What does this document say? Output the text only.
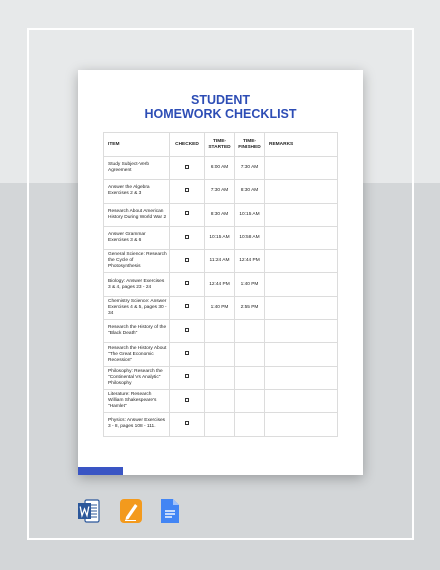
STUDENT
HOMEWORK CHECKLIST
ITEM	CHECKED	TIME-STARTED	TIME-FINISHED	REMARKS
Study Subject-Verb Agreement		6:00 AM	7:30 AM	
Answer the Algebra Exercises 2 & 3		7:30 AM	8:30 AM	
Research About American History During World War 2		8:30 AM	10:15 AM	
Answer Grammar Exercises 3 & 6		10:15 AM	10:58 AM	
General Science: Research the Cycle of Photosynthesis		11:24 AM	12:44 PM	
Biology: Answer Exercises 3 & 4, pages 23 - 24		12:44 PM	1:40 PM	
Chemistry Science: Answer Exercises 4 & 5, pages 30 - 34		1:40 PM	2:55 PM	
Research the History of the "Black Death"				
Research the History About "The Great Economic Recession"				
Philosophy: Research the "Continental Vs Analytic" Philosophy				
Literature: Research William Shakespeare's "Hamlet"				
Physics: Answer Exercises 3 - 8, pages 108 - 111.				
